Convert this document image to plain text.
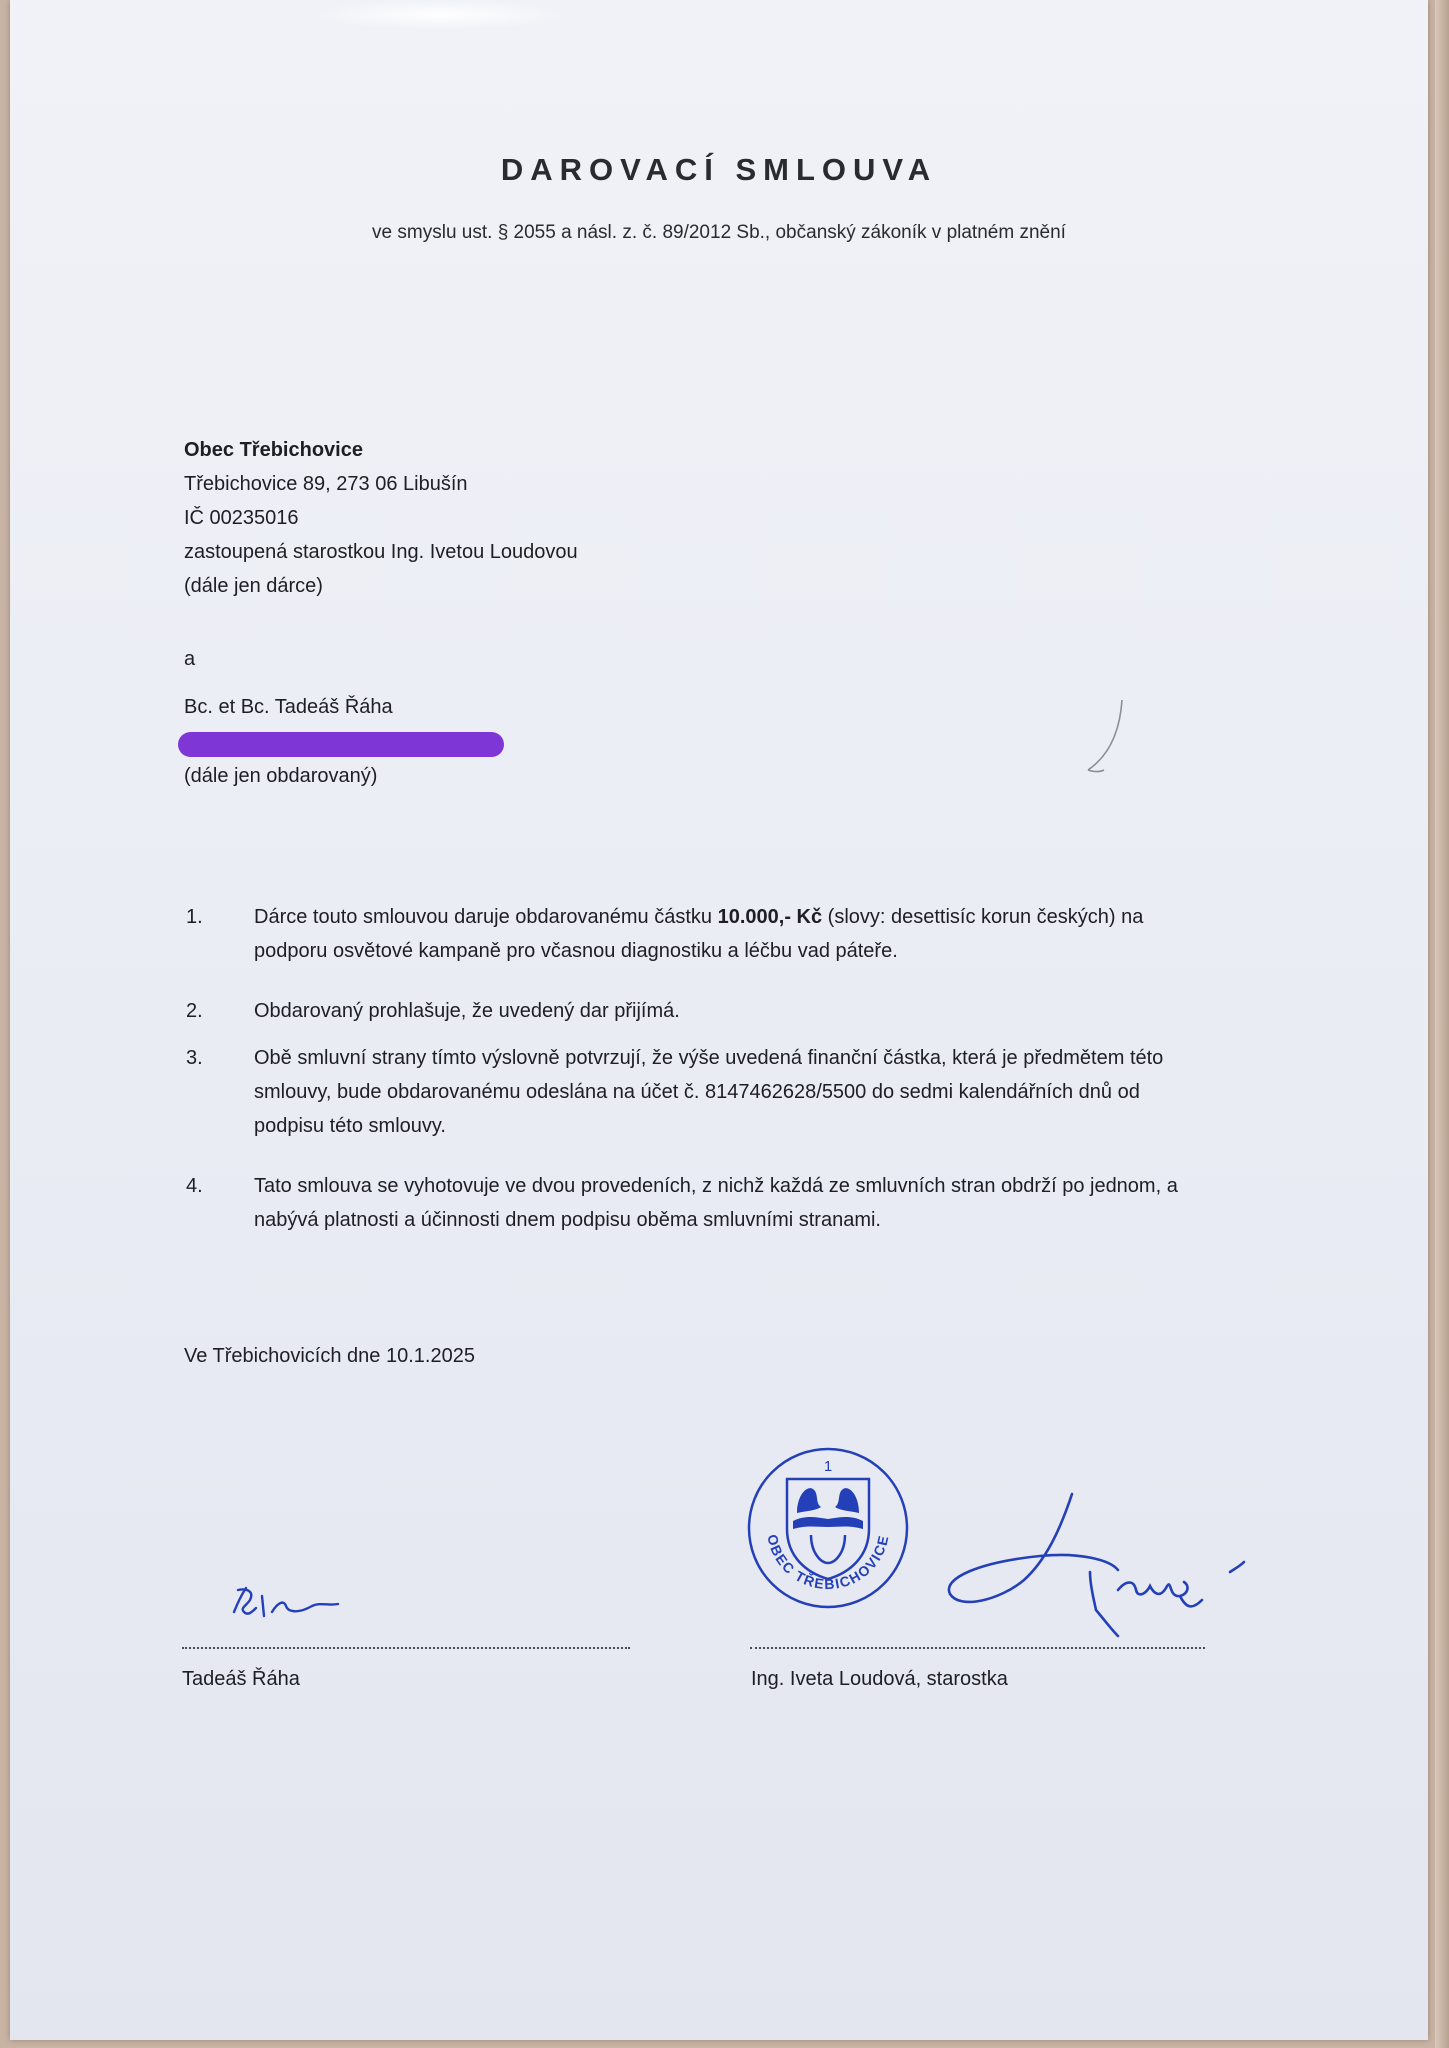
DAROVACÍ SMLOUVA
ve smyslu ust. § 2055 a násl. z. č. 89/2012 Sb., občanský zákoník v platném znění
Obec Třebichovice
Třebichovice 89, 273 06 Libušín
IČ 00235016
zastoupená starostkou Ing. Ivetou Loudovou
(dále jen dárce)
a
Bc. et Bc. Tadeáš Řáha
(dále jen obdarovaný)
1.	Dárce touto smlouvou daruje obdarovanému částku 10.000,- Kč (slovy: desettisíc korun českých) na
podporu osvětové kampaně pro včasnou diagnostiku a léčbu vad páteře.
2.	Obdarovaný prohlašuje, že uvedený dar přijímá.
3.	Obě smluvní strany tímto výslovně potvrzují, že výše uvedená finanční částka, která je předmětem této
smlouvy, bude obdarovanému odeslána na účet č. 8147462628/5500 do sedmi kalendářních dnů od
podpisu této smlouvy.
4.	Tato smlouva se vyhotovuje ve dvou provedeních, z nichž každá ze smluvních stran obdrží po jednom, a
nabývá platnosti a účinnosti dnem podpisu oběma smluvními stranami.
Ve Třebichovicích dne 10.1.2025
Tadeáš Řáha
1
OBEC TŘEBICHOVICE
Ing. Iveta Loudová, starostka
